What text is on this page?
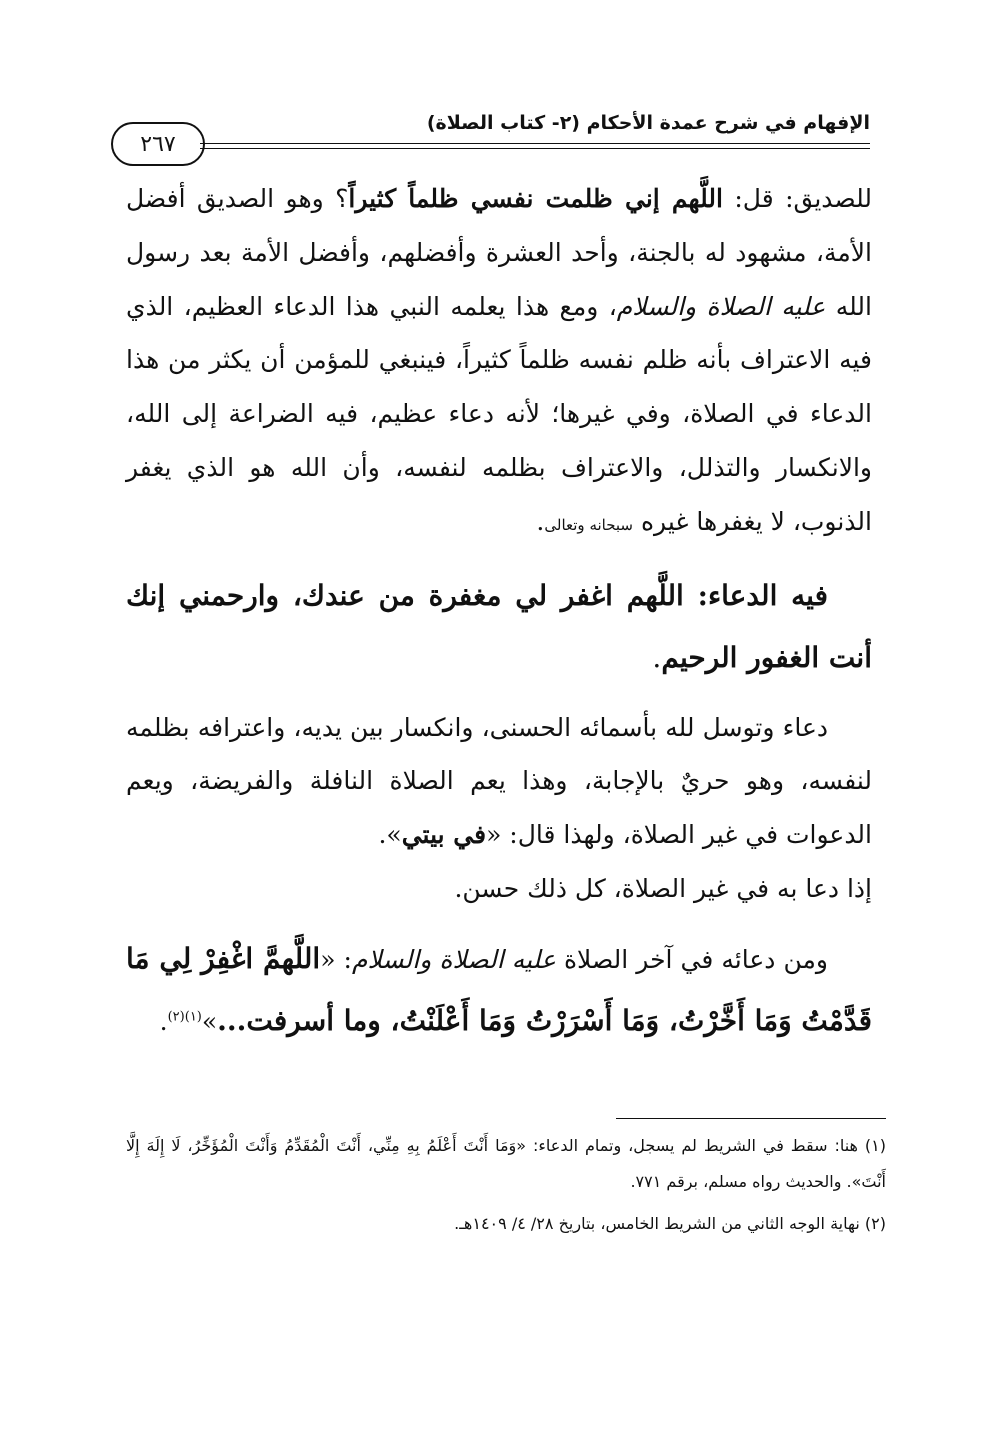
الإفهام في شرح عمدة الأحكام (٢- كتاب الصلاة)
٢٦٧

للصديق: قل: اللَّهم إني ظلمت نفسي ظلماً كثيراً؟ وهو الصديق أفضل الأمة، مشهود له بالجنة، وأحد العشرة وأفضلهم، وأفضل الأمة بعد رسول الله عليه الصلاة والسلام، ومع هذا يعلمه النبي هذا الدعاء العظيم، الذي فيه الاعتراف بأنه ظلم نفسه ظلماً كثيراً، فينبغي للمؤمن أن يكثر من هذا الدعاء في الصلاة، وفي غيرها؛ لأنه دعاء عظيم، فيه الضراعة إلى الله، والانكسار والتذلل، والاعتراف بظلمه لنفسه، وأن الله هو الذي يغفر الذنوب، لا يغفرها غيره سبحانه وتعالى.

فيه الدعاء: اللَّهم اغفر لي مغفرة من عندك، وارحمني إنك أنت الغفور الرحيم.

دعاء وتوسل لله بأسمائه الحسنى، وانكسار بين يديه، واعترافه بظلمه لنفسه، وهو حريٌ بالإجابة، وهذا يعم الصلاة النافلة والفريضة، ويعم الدعوات في غير الصلاة، ولهذا قال: «في بيتي».

إذا دعا به في غير الصلاة، كل ذلك حسن.

ومن دعائه في آخر الصلاة عليه الصلاة والسلام: «اللَّهمَّ اغْفِرْ لِي مَا قَدَّمْتُ وَمَا أَخَّرْتُ، وَمَا أَسْرَرْتُ وَمَا أَعْلَنْتُ، وما أسرفت...»$^{(١)(٢)}$.

(١) هنا: سقط في الشريط لم يسجل، وتمام الدعاء: «وَمَا أَنْتَ أَعْلَمُ بِهِ مِنِّي، أَنْتَ الْمُقَدِّمُ وَأَنْتَ الْمُؤَخِّرُ، لَا إِلَهَ إِلَّا أَنْتَ». والحديث رواه مسلم، برقم ٧٧١.

(٢) نهاية الوجه الثاني من الشريط الخامس، بتاريخ ٢٨/ ٤/ ١٤٠٩هـ.
